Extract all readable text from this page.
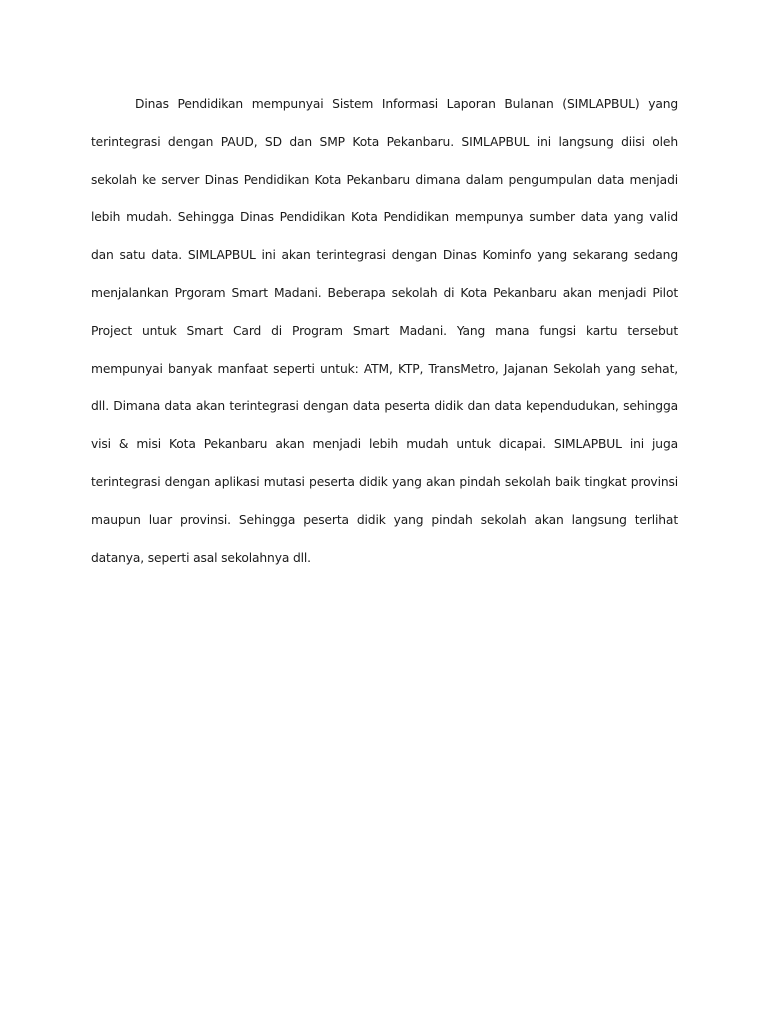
Dinas Pendidikan mempunyai Sistem Informasi Laporan Bulanan (SIMLAPBUL) yang terintegrasi dengan PAUD, SD dan SMP Kota Pekanbaru. SIMLAPBUL ini langsung diisi oleh sekolah ke server Dinas Pendidikan Kota Pekanbaru dimana dalam pengumpulan data menjadi lebih mudah. Sehingga Dinas Pendidikan Kota Pendidikan mempunya sumber data yang valid dan satu data. SIMLAPBUL ini akan terintegrasi dengan Dinas Kominfo yang sekarang sedang menjalankan Prgoram Smart Madani. Beberapa sekolah di Kota Pekanbaru akan menjadi Pilot Project untuk Smart Card di Program Smart Madani. Yang mana fungsi kartu tersebut mempunyai banyak manfaat seperti untuk: ATM, KTP, TransMetro, Jajanan Sekolah yang sehat, dll. Dimana data akan terintegrasi dengan data peserta didik dan data kependudukan, sehingga visi & misi Kota Pekanbaru akan menjadi lebih mudah untuk dicapai. SIMLAPBUL ini juga terintegrasi dengan aplikasi mutasi peserta didik yang akan pindah sekolah baik tingkat provinsi maupun luar provinsi. Sehingga peserta didik yang pindah sekolah akan langsung terlihat datanya, seperti asal sekolahnya dll.
